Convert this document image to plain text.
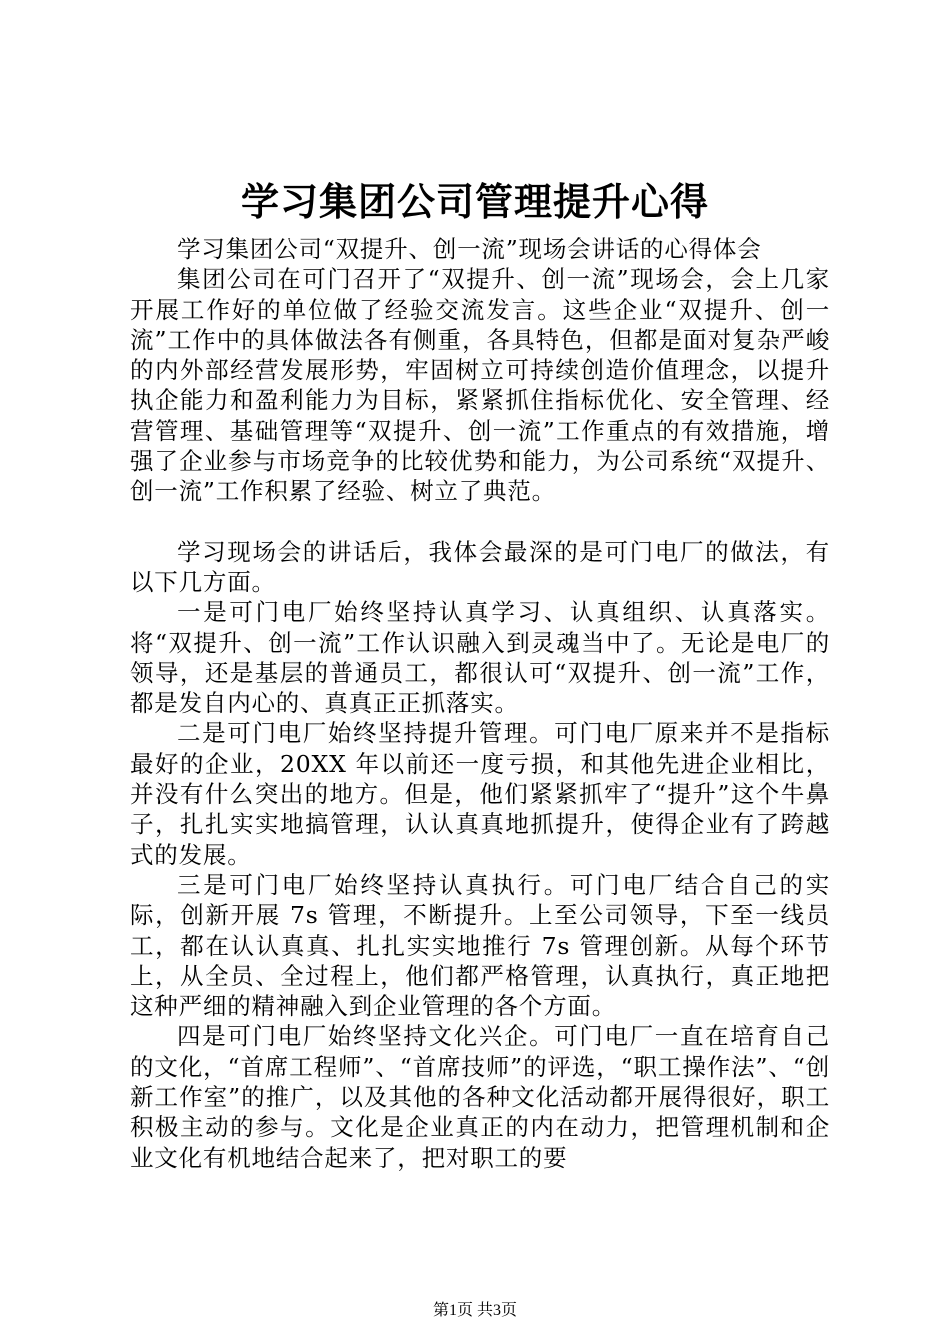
学习集团公司管理提升心得

学习集团公司“双提升、创一流”现场会讲话的心得体会

集团公司在可门召开了“双提升、创一流”现场会，会上几家开展工作好的单位做了经验交流发言。这些企业“双提升、创一流”工作中的具体做法各有侧重，各具特色，但都是面对复杂严峻的内外部经营发展形势，牢固树立可持续创造价值理念，以提升执企能力和盈利能力为目标，紧紧抓住指标优化、安全管理、经营管理、基础管理等“双提升、创一流”工作重点的有效措施，增强了企业参与市场竞争的比较优势和能力，为公司系统“双提升、创一流”工作积累了经验、树立了典范。

学习现场会的讲话后，我体会最深的是可门电厂的做法，有以下几方面。

一是可门电厂始终坚持认真学习、认真组织、认真落实。将“双提升、创一流”工作认识融入到灵魂当中了。无论是电厂的领导，还是基层的普通员工，都很认可“双提升、创一流”工作，都是发自内心的、真真正正抓落实。

二是可门电厂始终坚持提升管理。可门电厂原来并不是指标最好的企业，20XX 年以前还一度亏损，和其他先进企业相比，并没有什么突出的地方。但是，他们紧紧抓牢了“提升”这个牛鼻子，扎扎实实地搞管理，认认真真地抓提升，使得企业有了跨越式的发展。

三是可门电厂始终坚持认真执行。可门电厂结合自己的实际，创新开展 7s 管理，不断提升。上至公司领导，下至一线员工，都在认认真真、扎扎实实地推行 7s 管理创新。从每个环节上，从全员、全过程上，他们都严格管理，认真执行，真正地把这种严细的精神融入到企业管理的各个方面。

四是可门电厂始终坚持文化兴企。可门电厂一直在培育自己的文化，“首席工程师”、“首席技师”的评选，“职工操作法”、“创新工作室”的推广，以及其他的各种文化活动都开展得很好，职工积极主动的参与。文化是企业真正的内在动力，把管理机制和企业文化有机地结合起来了，把对职工的要

第1页 共3页
